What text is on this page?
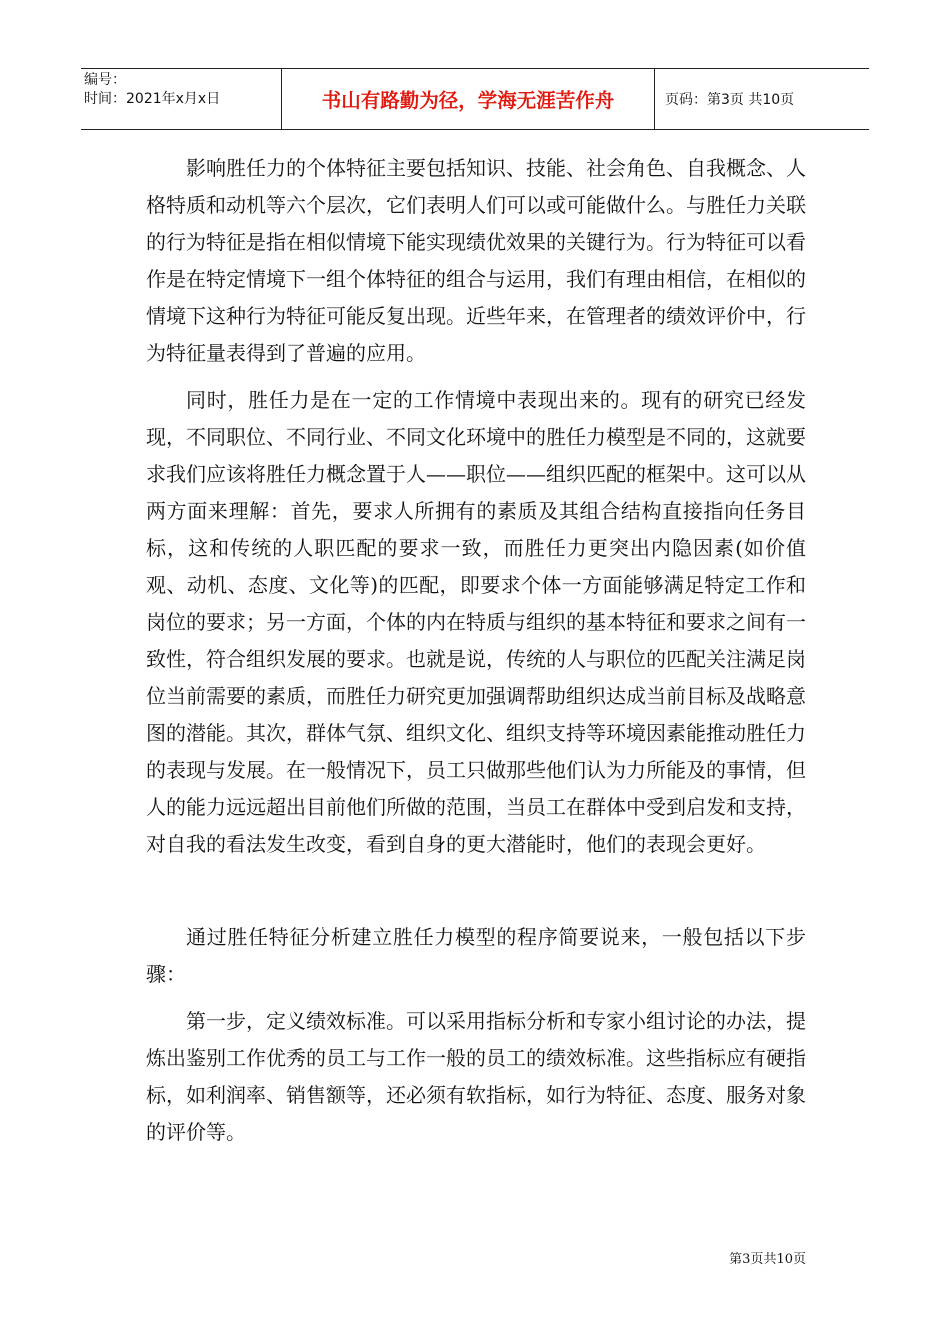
编号：
时间：2021年x月x日	书山有路勤为径，学海无涯苦作舟	页码：第3页 共10页

影响胜任力的个体特征主要包括知识、技能、社会角色、自我概念、人格特质和动机等六个层次，它们表明人们可以或可能做什么。与胜任力关联的行为特征是指在相似情境下能实现绩优效果的关键行为。行为特征可以看作是在特定情境下一组个体特征的组合与运用，我们有理由相信，在相似的情境下这种行为特征可能反复出现。近些年来，在管理者的绩效评价中，行为特征量表得到了普遍的应用。

同时，胜任力是在一定的工作情境中表现出来的。现有的研究已经发现，不同职位、不同行业、不同文化环境中的胜任力模型是不同的，这就要求我们应该将胜任力概念置于人——职位——组织匹配的框架中。这可以从两方面来理解：首先，要求人所拥有的素质及其组合结构直接指向任务目标，这和传统的人职匹配的要求一致，而胜任力更突出内隐因素(如价值观、动机、态度、文化等)的匹配，即要求个体一方面能够满足特定工作和岗位的要求；另一方面，个体的内在特质与组织的基本特征和要求之间有一致性，符合组织发展的要求。也就是说，传统的人与职位的匹配关注满足岗位当前需要的素质，而胜任力研究更加强调帮助组织达成当前目标及战略意图的潜能。其次，群体气氛、组织文化、组织支持等环境因素能推动胜任力的表现与发展。在一般情况下，员工只做那些他们认为力所能及的事情，但人的能力远远超出目前他们所做的范围，当员工在群体中受到启发和支持，对自我的看法发生改变，看到自身的更大潜能时，他们的表现会更好。

通过胜任特征分析建立胜任力模型的程序简要说来，一般包括以下步骤：

第一步，定义绩效标准。可以采用指标分析和专家小组讨论的办法，提炼出鉴别工作优秀的员工与工作一般的员工的绩效标准。这些指标应有硬指标，如利润率、销售额等，还必须有软指标，如行为特征、态度、服务对象的评价等。

第3页共10页
